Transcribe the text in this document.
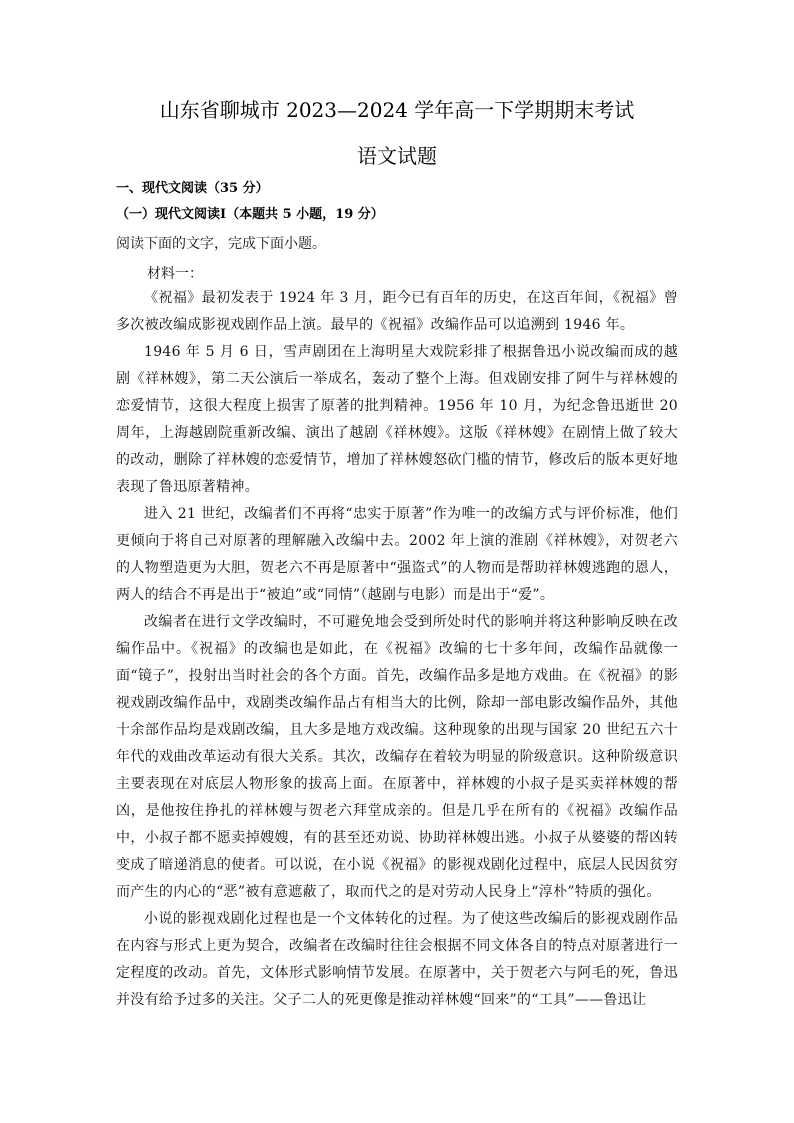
山东省聊城市 2023—2024 学年高一下学期期末考试
语文试题
一、现代文阅读（35 分）
（一）现代文阅读Ⅰ（本题共 5 小题，19 分）
阅读下面的文字，完成下面小题。
材料一：

《祝福》最初发表于 1924 年 3 月，距今已有百年的历史，在这百年间，《祝福》曾多次被改编成影视戏剧作品上演。最早的《祝福》改编作品可以追溯到 1946 年。

1946 年 5 月 6 日，雪声剧团在上海明星大戏院彩排了根据鲁迅小说改编而成的越剧《祥林嫂》，第二天公演后一举成名，轰动了整个上海。但戏剧安排了阿牛与祥林嫂的恋爱情节，这很大程度上损害了原著的批判精神。1956 年 10 月，为纪念鲁迅逝世 20 周年，上海越剧院重新改编、演出了越剧《祥林嫂》。这版《祥林嫂》在剧情上做了较大的改动，删除了祥林嫂的恋爱情节，增加了祥林嫂怒砍门槛的情节，修改后的版本更好地表现了鲁迅原著精神。

进入 21 世纪，改编者们不再将“忠实于原著”作为唯一的改编方式与评价标准，他们更倾向于将自己对原著的理解融入改编中去。2002 年上演的淮剧《祥林嫂》，对贺老六的人物塑造更为大胆，贺老六不再是原著中“强盗式”的人物而是帮助祥林嫂逃跑的恩人，两人的结合不再是出于“被迫”或“同情”（越剧与电影）而是出于“爱”。

改编者在进行文学改编时，不可避免地会受到所处时代的影响并将这种影响反映在改编作品中。《祝福》的改编也是如此，在《祝福》改编的七十多年间，改编作品就像一面“镜子”，投射出当时社会的各个方面。首先，改编作品多是地方戏曲。在《祝福》的影视戏剧改编作品中，戏剧类改编作品占有相当大的比例，除却一部电影改编作品外，其他十余部作品均是戏剧改编，且大多是地方戏改编。这种现象的出现与国家 20 世纪五六十年代的戏曲改革运动有很大关系。其次，改编存在着较为明显的阶级意识。这种阶级意识主要表现在对底层人物形象的拔高上面。在原著中，祥林嫂的小叔子是买卖祥林嫂的帮凶，是他按住挣扎的祥林嫂与贺老六拜堂成亲的。但是几乎在所有的《祝福》改编作品中，小叔子都不愿卖掉嫂嫂，有的甚至还劝说、协助祥林嫂出逃。小叔子从婆婆的帮凶转变成了暗递消息的使者。可以说，在小说《祝福》的影视戏剧化过程中，底层人民因贫穷而产生的内心的“恶”被有意遮蔽了，取而代之的是对劳动人民身上“淳朴”特质的强化。

小说的影视戏剧化过程也是一个文体转化的过程。为了使这些改编后的影视戏剧作品在内容与形式上更为契合，改编者在改编时往往会根据不同文体各自的特点对原著进行一定程度的改动。首先，文体形式影响情节发展。在原著中，关于贺老六与阿毛的死，鲁迅并没有给予过多的关注。父子二人的死更像是推动祥林嫂“回来”的“工具”——鲁迅让
